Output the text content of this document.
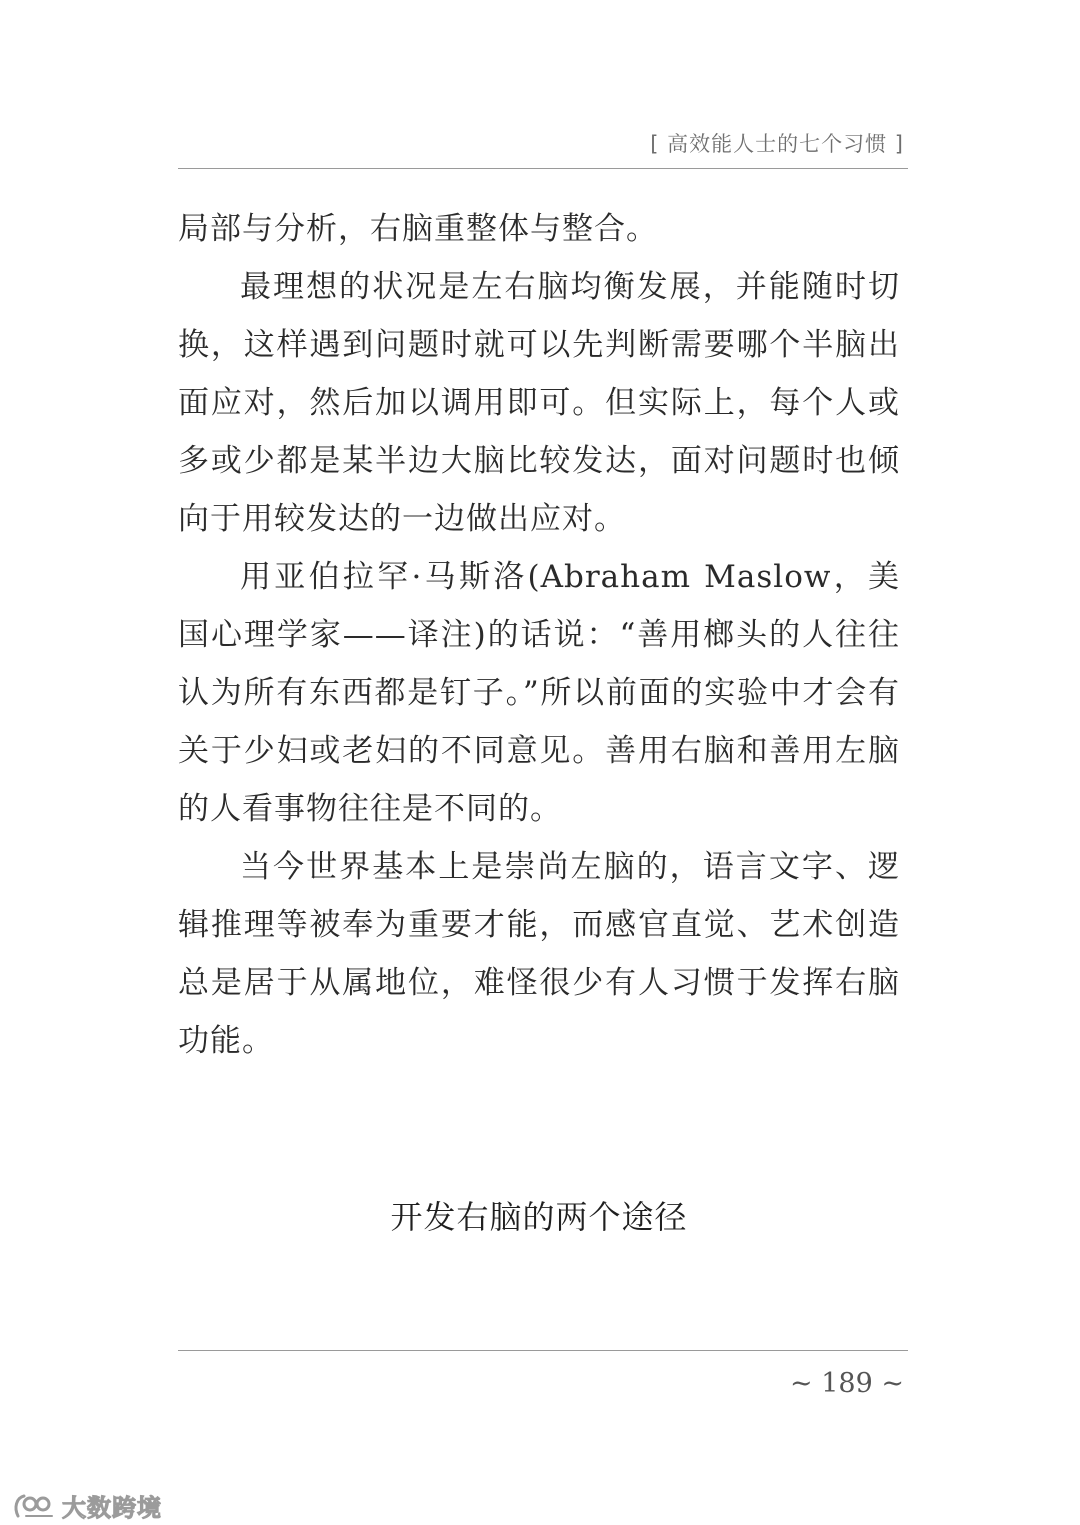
[ 高效能人士的七个习惯 ]

局部与分析，右脑重整体与整合。

最理想的状况是左右脑均衡发展，并能随时切换，这样遇到问题时就可以先判断需要哪个半脑出面应对，然后加以调用即可。但实际上，每个人或多或少都是某半边大脑比较发达，面对问题时也倾向于用较发达的一边做出应对。

用亚伯拉罕·马斯洛(Abraham Maslow，美国心理学家——译注)的话说：“善用榔头的人往往认为所有东西都是钉子。”所以前面的实验中才会有关于少妇或老妇的不同意见。善用右脑和善用左脑的人看事物往往是不同的。

当今世界基本上是崇尚左脑的，语言文字、逻辑推理等被奉为重要才能，而感官直觉、艺术创造总是居于从属地位，难怪很少有人习惯于发挥右脑功能。

开发右脑的两个途径
~ 189 ~
大数跨境
